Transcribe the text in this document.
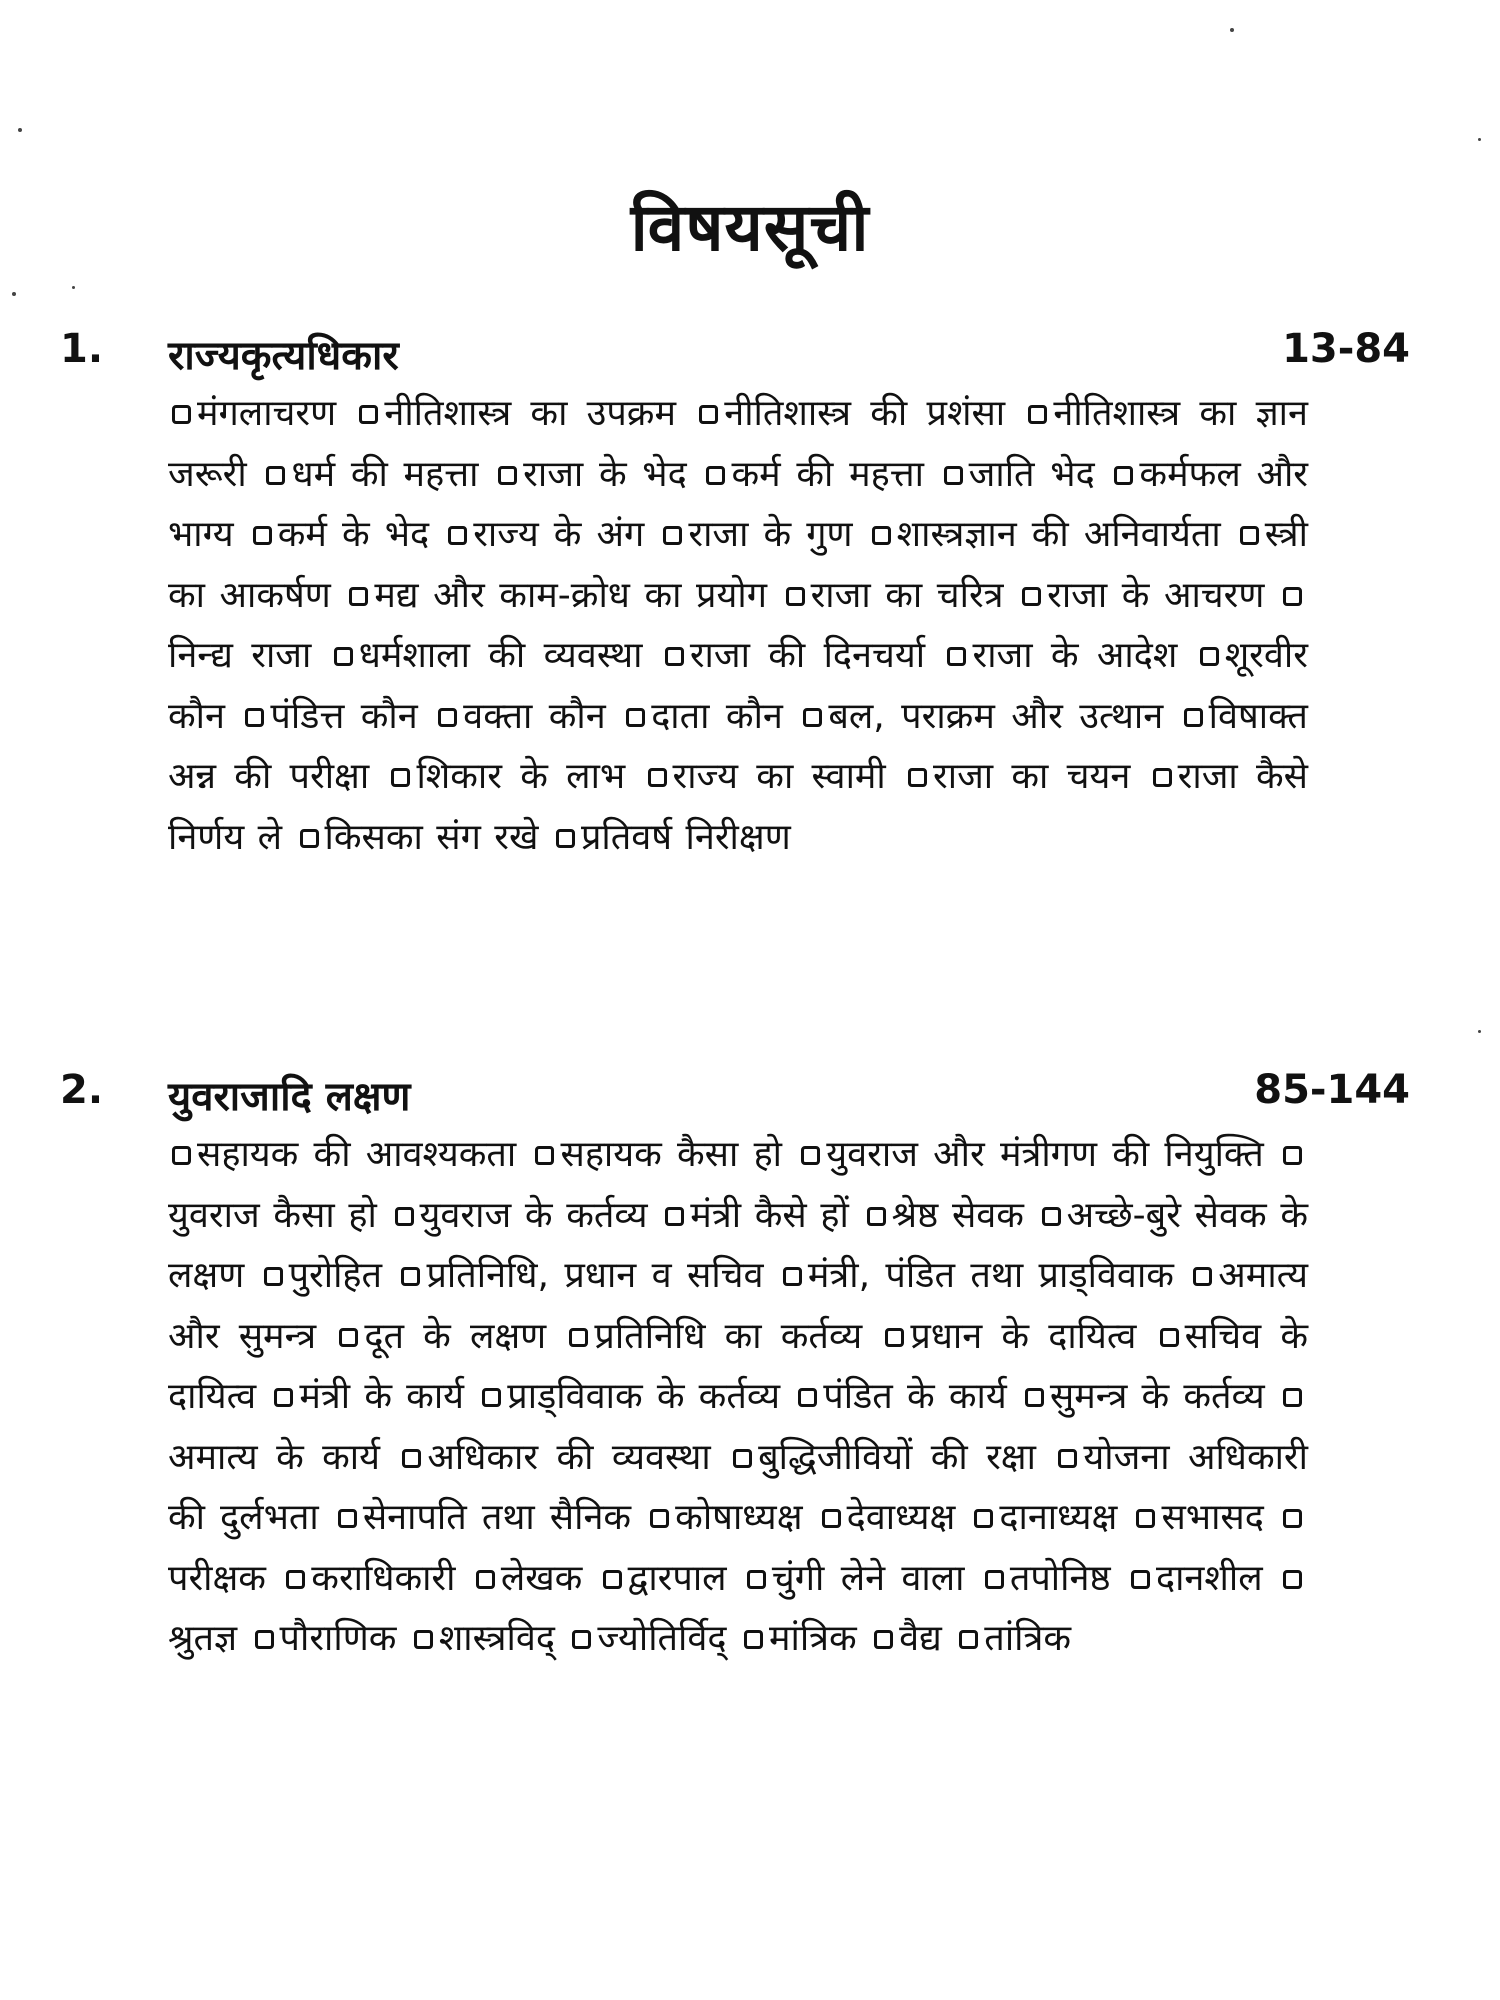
विषयसूची
1. राज्यकृत्यधिकार	13-84
मंगलाचरण नीतिशास्त्र का उपक्रम नीतिशास्त्र की प्रशंसा नीतिशास्त्र का ज्ञान जरूरी धर्म की महत्ता राजा के भेद कर्म की महत्ता जाति भेद कर्मफल और भाग्य कर्म के भेद राज्य के अंग राजा के गुण शास्त्रज्ञान की अनिवार्यता स्त्री का आकर्षण मद्य और काम-क्रोध का प्रयोग राजा का चरित्र राजा के आचरण निन्द्य राजा धर्मशाला की व्यवस्था राजा की दिनचर्या राजा के आदेश शूरवीर कौन पंडित्त कौन वक्ता कौन दाता कौन बल, पराक्रम और उत्थान विषाक्त अन्न की परीक्षा शिकार के लाभ राज्य का स्वामी राजा का चयन राजा कैसे निर्णय ले किसका संग रखे प्रतिवर्ष निरीक्षण
2. युवराजादि लक्षण	85-144
सहायक की आवश्यकता सहायक कैसा हो युवराज और मंत्रीगण की नियुक्ति युवराज कैसा हो युवराज के कर्तव्य मंत्री कैसे हों श्रेष्ठ सेवक अच्छे-बुरे सेवक के लक्षण पुरोहित प्रतिनिधि, प्रधान व सचिव मंत्री, पंडित तथा प्राड्विवाक अमात्य और सुमन्त्र दूत के लक्षण प्रतिनिधि का कर्तव्य प्रधान के दायित्व सचिव के दायित्व मंत्री के कार्य प्राड्विवाक के कर्तव्य पंडित के कार्य सुमन्त्र के कर्तव्य अमात्य के कार्य अधिकार की व्यवस्था बुद्धिजीवियों की रक्षा योजना अधिकारी की दुर्लभता सेनापति तथा सैनिक कोषाध्यक्ष देवाध्यक्ष दानाध्यक्ष सभासद परीक्षक कराधिकारी लेखक द्वारपाल चुंगी लेने वाला तपोनिष्ठ दानशील श्रुतज्ञ पौराणिक शास्त्रविद् ज्योतिर्विद् मांत्रिक वैद्य तांत्रिक
